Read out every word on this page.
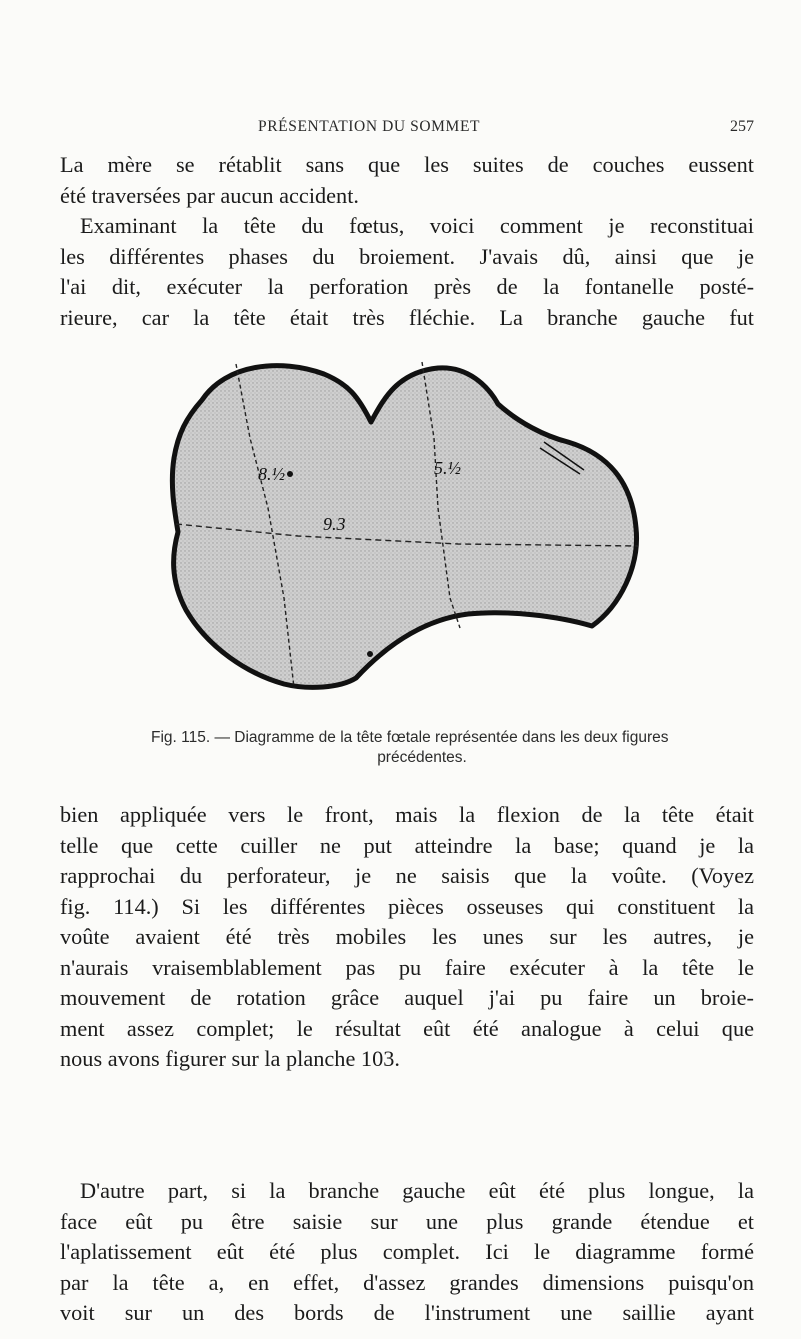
PRÉSENTATION DU SOMMET	257
La mère se rétablit sans que les suites de couches eussent
été traversées par aucun accident.
Examinant la tête du fœtus, voici comment je reconstituai
les différentes phases du broiement. J'avais dû, ainsi que je
l'ai dit, exécuter la perforation près de la fontanelle posté-
rieure, car la tête était très fléchie. La branche gauche fut
8.½
9.3
5.½

Fig. 115. — Diagramme de la tête fœtale représentée dans les deux figures
précédentes.

bien appliquée vers le front, mais la flexion de la tête était
telle que cette cuiller ne put atteindre la base; quand je la
rapprochai du perforateur, je ne saisis que la voûte. (Voyez
fig. 114.) Si les différentes pièces osseuses qui constituent la
voûte avaient été très mobiles les unes sur les autres, je
n'aurais vraisemblablement pas pu faire exécuter à la tête le
mouvement de rotation grâce auquel j'ai pu faire un broie-
ment assez complet; le résultat eût été analogue à celui que
nous avons figurer sur la planche 103.
D'autre part, si la branche gauche eût été plus longue, la
face eût pu être saisie sur une plus grande étendue et
l'aplatissement eût été plus complet. Ici le diagramme formé
par la tête a, en effet, d'assez grandes dimensions puisqu'on
voit sur un des bords de l'instrument une saillie ayant
